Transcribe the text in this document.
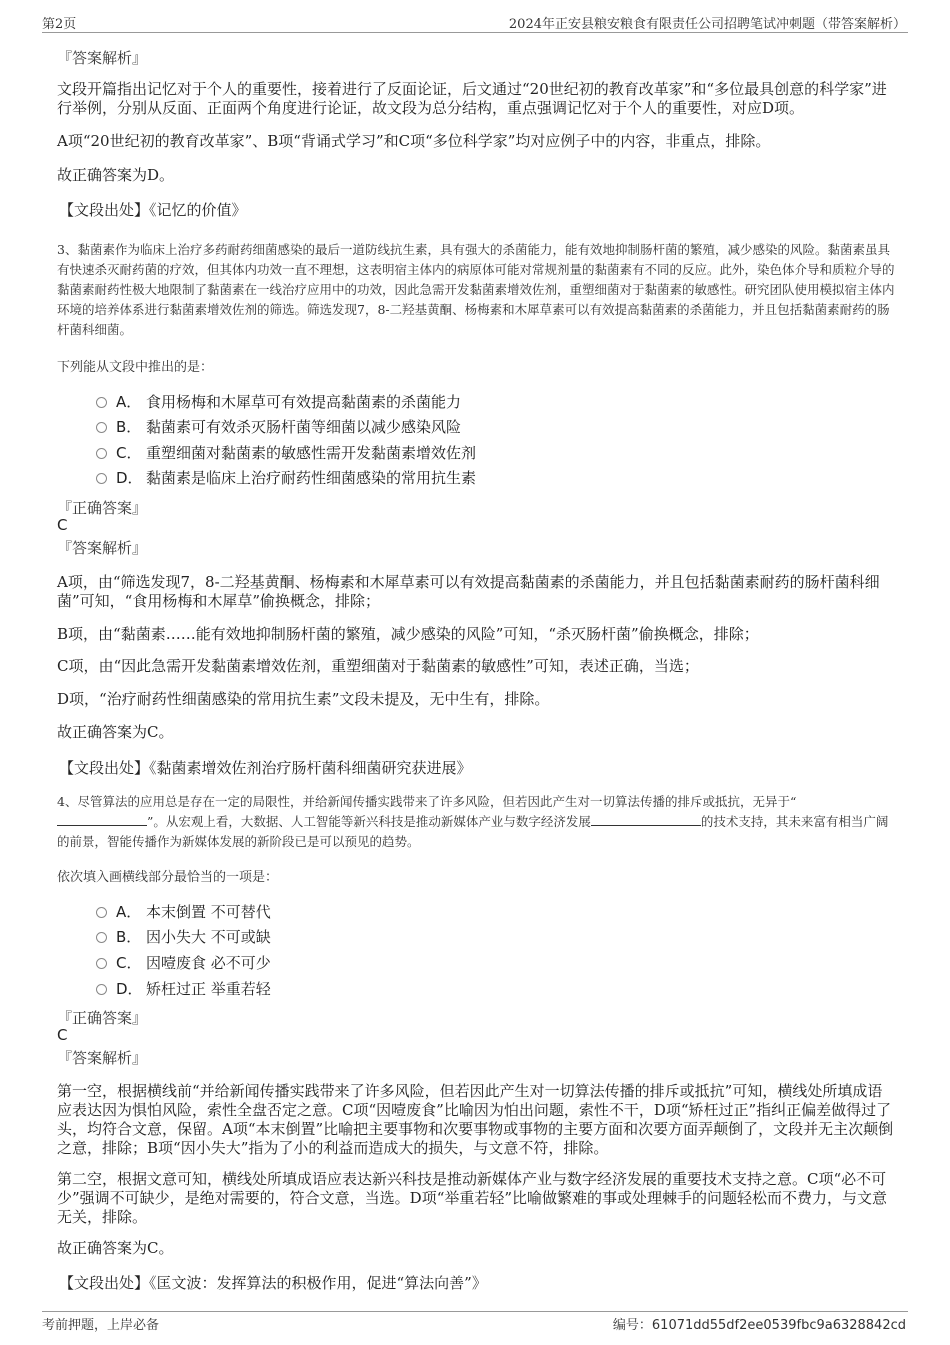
第2页	2024年正安县粮安粮食有限责任公司招聘笔试冲刺题（带答案解析）
『答案解析』
文段开篇指出记忆对于个人的重要性，接着进行了反面论证，后文通过“20世纪初的教育改革家”和“多位最具创意的科学家”进行举例，分别从反面、正面两个角度进行论证，故文段为总分结构，重点强调记忆对于个人的重要性，对应D项。
A项“20世纪初的教育改革家”、B项“背诵式学习”和C项“多位科学家”均对应例子中的内容，非重点，排除。
故正确答案为D。
【文段出处】《记忆的价值》
3、黏菌素作为临床上治疗多药耐药细菌感染的最后一道防线抗生素，具有强大的杀菌能力，能有效地抑制肠杆菌的繁殖，减少感染的风险。黏菌素虽具有快速杀灭耐药菌的疗效，但其体内功效一直不理想，这表明宿主体内的病原体可能对常规剂量的黏菌素有不同的反应。此外，染色体介导和质粒介导的黏菌素耐药性极大地限制了黏菌素在一线治疗应用中的功效，因此急需开发黏菌素增效佐剂，重塑细菌对于黏菌素的敏感性。研究团队使用模拟宿主体内环境的培养体系进行黏菌素增效佐剂的筛选。筛选发现7，8-二羟基黄酮、杨梅素和木犀草素可以有效提高黏菌素的杀菌能力，并且包括黏菌素耐药的肠杆菌科细菌。
下列能从文段中推出的是：
A． 食用杨梅和木犀草可有效提高黏菌素的杀菌能力
B． 黏菌素可有效杀灭肠杆菌等细菌以减少感染风险
C． 重塑细菌对黏菌素的敏感性需开发黏菌素增效佐剂
D． 黏菌素是临床上治疗耐药性细菌感染的常用抗生素
『正确答案』
C
『答案解析』
A项，由“筛选发现7，8-二羟基黄酮、杨梅素和木犀草素可以有效提高黏菌素的杀菌能力，并且包括黏菌素耐药的肠杆菌科细菌”可知，“食用杨梅和木犀草”偷换概念，排除；
B项，由“黏菌素……能有效地抑制肠杆菌的繁殖，减少感染的风险”可知，“杀灭肠杆菌”偷换概念，排除；
C项，由“因此急需开发黏菌素增效佐剂，重塑细菌对于黏菌素的敏感性”可知，表述正确，当选；
D项，“治疗耐药性细菌感染的常用抗生素”文段未提及，无中生有，排除。
故正确答案为C。
【文段出处】《黏菌素增效佐剂治疗肠杆菌科细菌研究获进展》
4、尽管算法的应用总是存在一定的局限性，并给新闻传播实践带来了许多风险，但若因此产生对一切算法传播的排斥或抵抗，无异于“
”。从宏观上看，大数据、人工智能等新兴科技是推动新媒体产业与数字经济发展	的技术支持，其未来富有相当广阔的前景，智能传播作为新媒体发展的新阶段已是可以预见的趋势。
依次填入画横线部分最恰当的一项是：
A． 本末倒置 不可替代
B． 因小失大 不可或缺
C． 因噎废食 必不可少
D． 矫枉过正 举重若轻
『正确答案』
C
『答案解析』
第一空，根据横线前“并给新闻传播实践带来了许多风险，但若因此产生对一切算法传播的排斥或抵抗”可知，横线处所填成语应表达因为惧怕风险，索性全盘否定之意。C项“因噎废食”比喻因为怕出问题，索性不干，D项“矫枉过正”指纠正偏差做得过了头，均符合文意，保留。A项“本末倒置”比喻把主要事物和次要事物或事物的主要方面和次要方面弄颠倒了，文段并无主次颠倒之意，排除；B项“因小失大”指为了小的利益而造成大的损失，与文意不符，排除。
第二空，根据文意可知，横线处所填成语应表达新兴科技是推动新媒体产业与数字经济发展的重要技术支持之意。C项“必不可少”强调不可缺少，是绝对需要的，符合文意，当选。D项“举重若轻”比喻做繁难的事或处理棘手的问题轻松而不费力，与文意无关，排除。
故正确答案为C。
【文段出处】《匡文波：发挥算法的积极作用，促进“算法向善”》
考前押题，上岸必备	编号：61071dd55df2ee0539fbc9a6328842cd
